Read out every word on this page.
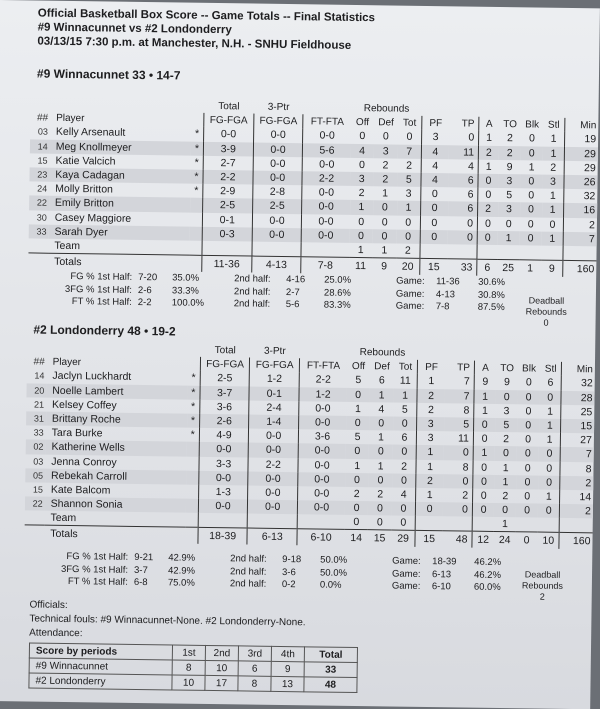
Official Basketball Box Score -- Game Totals -- Final Statistics
#9 Winnacunnet vs #2 Londonderry
03/13/15 7:30 p.m. at Manchester, N.H. - SNHU Fieldhouse
#9 Winnacunnet 33 • 14-7
			Total	3-Ptr		Rebounds									
##	Player		FG-FGA	FG-FGA	FT-FTA	Off	Def	Tot	PF	TP	A	TO	Blk	Stl	Min
03	Kelly Arsenault	*	0-0	0-0	0-0	0	0	0	3	0	1	2	0	1	19
14	Meg Knollmeyer	*	3-9	0-0	5-6	4	3	7	4	11	2	2	0	1	29
15	Katie Valcich	*	2-7	0-0	0-0	0	2	2	4	4	1	9	1	2	29
23	Kaya Cadagan	*	2-2	0-0	2-2	3	2	5	4	6	0	3	0	3	26
24	Molly Britton	*	2-9	2-8	0-0	2	1	3	0	6	0	5	0	1	32
22	Emily Britton		2-5	2-5	0-0	1	0	1	0	6	2	3	0	1	16
30	Casey Maggiore		0-1	0-0	0-0	0	0	0	0	0	0	0	0	0	2
33	Sarah Dyer		0-3	0-0	0-0	0	0	0	0	0	0	1	0	1	7
	Team					1	1	2							
	Totals		11-36	4-13	7-8	11	9	20	15	33	6	25	1	9	160
FG % 1st Half: 7-20 35.0%	2nd half: 4-16 25.0%	Game: 11-36 30.6%
3FG % 1st Half: 2-6 33.3%	2nd half: 2-7	28.6%	Game: 4-13 30.8%
FT % 1st Half: 2-2 100.0%	2nd half: 5-6	83.3%	Game: 7-8	87.5%
Deadball
Rebounds
0
#2 Londonderry 48 • 19-2
			Total	3-Ptr		Rebounds									
##	Player		FG-FGA	FG-FGA	FT-FTA	Off	Def	Tot	PF	TP	A	TO	Blk	Stl	Min
14	Jaclyn Luckhardt	*	2-5	1-2	2-2	5	6	11	1	7	9	9	0	6	32
20	Noelle Lambert	*	3-7	0-1	1-2	0	1	1	2	7	1	0	0	0	28
21	Kelsey Coffey	*	3-6	2-4	0-0	1	4	5	2	8	1	3	0	1	25
31	Brittany Roche	*	2-6	1-4	0-0	0	0	0	3	5	0	5	0	1	15
33	Tara Burke	*	4-9	0-0	3-6	5	1	6	3	11	0	2	0	1	27
02	Katherine Wells		0-0	0-0	0-0	0	0	0	1	0	1	0	0	0	7
03	Jenna Conroy		3-3	2-2	0-0	1	1	2	1	8	0	1	0	0	8
05	Rebekah Carroll		0-0	0-0	0-0	0	0	0	2	0	0	1	0	0	2
15	Kate Balcom		1-3	0-0	0-0	2	2	4	1	2	0	2	0	1	14
22	Shannon Sonia		0-0	0-0	0-0	0	0	0	0	0	0	0	0	0	2
	Team					0	0	0				1			
	Totals		18-39	6-13	6-10	14	15	29	15	48	12	24	0	10	160
FG % 1st Half: 9-21 42.9%	2nd half: 9-18 50.0%	Game: 18-39 46.2%
3FG % 1st Half: 3-7 42.9%	2nd half: 3-6	50.0%	Game: 6-13 46.2%
FT % 1st Half: 6-8 75.0%	2nd half: 0-2	0.0%	Game: 6-10 60.0%
Deadball
Rebounds
2
Officials:
Technical fouls: #9 Winnacunnet-None. #2 Londonderry-None.
Attendance:
Score by periods	1st	2nd	3rd	4th	Total
#9 Winnacunnet	8	10	6	9	33
#2 Londonderry	10	17	8	13	48
